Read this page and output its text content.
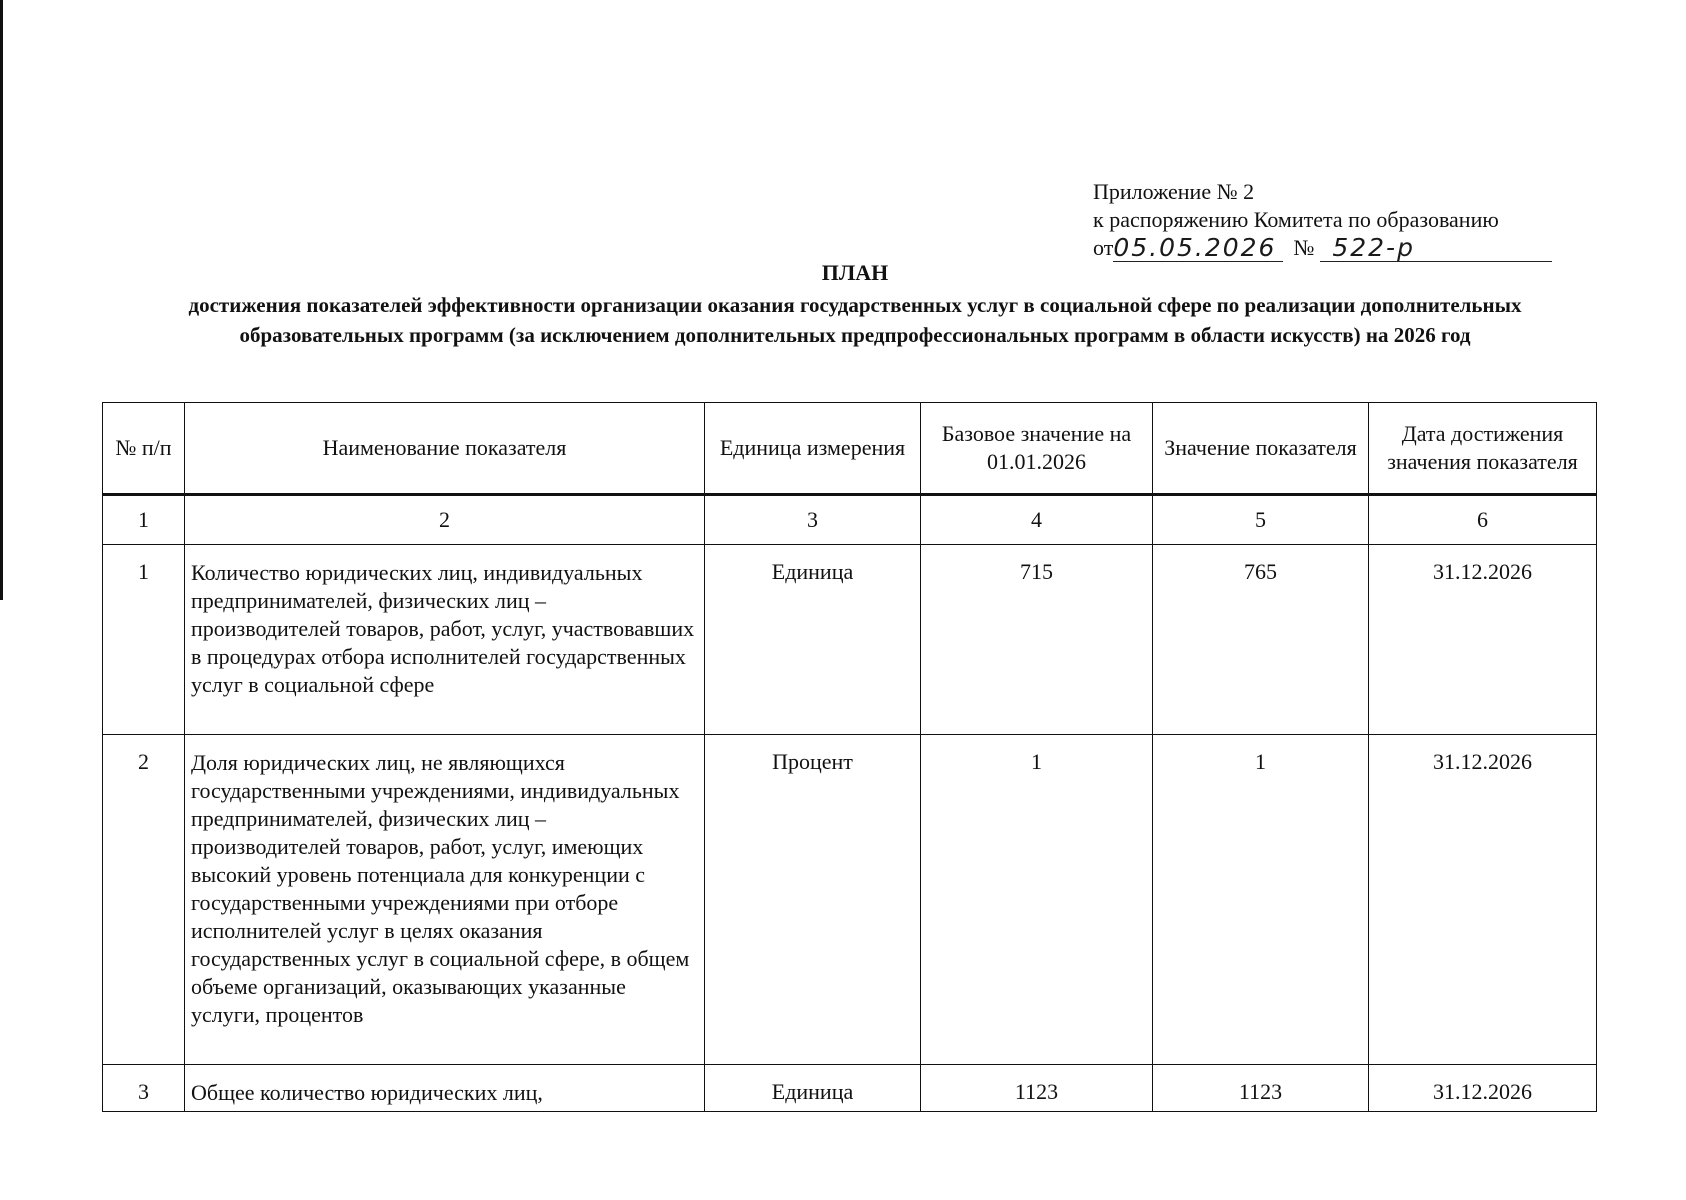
Приложение № 2
к распоряжению Комитета по образованию
от 05.05.2026 № 522-р
ПЛАН
достижения показателей эффективности организации оказания государственных услуг в социальной сфере по реализации дополнительных образовательных программ (за исключением дополнительных предпрофессиональных программ в области искусств) на 2026 год
№ п/п	Наименование показателя	Единица измерения	Базовое значение на 01.01.2026	Значение показателя	Дата достижения значения показателя
1	2	3	4	5	6
1	Количество юридических лиц, индивидуальных предпринимателей, физических лиц – производителей товаров, работ, услуг, участвовавших в процедурах отбора исполнителей государственных услуг в социальной сфере	Единица	715	765	31.12.2026
2	Доля юридических лиц, не являющихся государственными учреждениями, индивидуальных предпринимателей, физических лиц – производителей товаров, работ, услуг, имеющих высокий уровень потенциала для конкуренции с государственными учреждениями при отборе исполнителей услуг в целях оказания государственных услуг в социальной сфере, в общем объеме организаций, оказывающих указанные услуги, процентов	Процент	1	1	31.12.2026
3	Общее количество юридических лиц,	Единица	1123	1123	31.12.2026
